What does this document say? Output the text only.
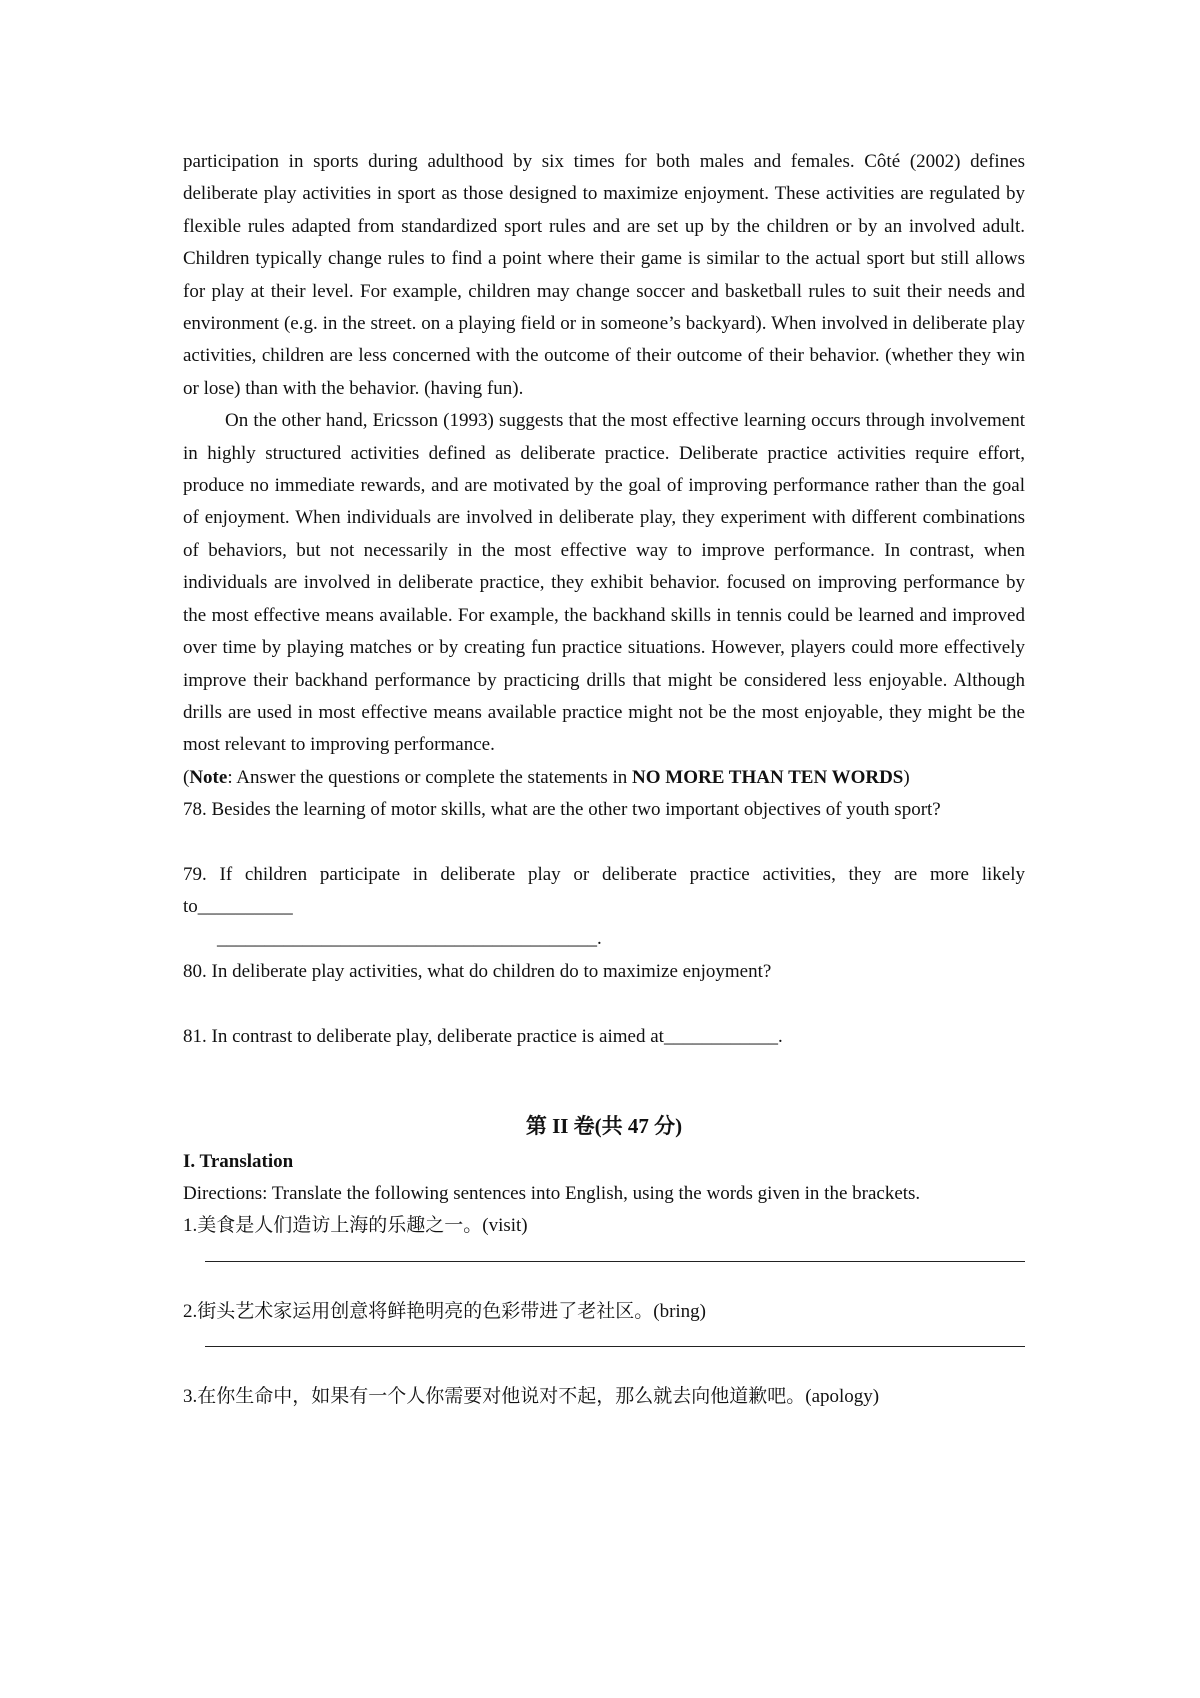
participation in sports during adulthood by six times for both males and females. Côté (2002) defines deliberate play activities in sport as those designed to maximize enjoyment. These activities are regulated by flexible rules adapted from standardized sport rules and are set up by the children or by an involved adult. Children typically change rules to find a point where their game is similar to the actual sport but still allows for play at their level. For example, children may change soccer and basketball rules to suit their needs and environment (e.g. in the street. on a playing field or in someone’s backyard). When involved in deliberate play activities, children are less concerned with the outcome of their outcome of their behavior. (whether they win or lose) than with the behavior. (having fun).

On the other hand, Ericsson (1993) suggests that the most effective learning occurs through involvement in highly structured activities defined as deliberate practice. Deliberate practice activities require effort, produce no immediate rewards, and are motivated by the goal of improving performance rather than the goal of enjoyment. When individuals are involved in deliberate play, they experiment with different combinations of behaviors, but not necessarily in the most effective way to improve performance. In contrast, when individuals are involved in deliberate practice, they exhibit behavior. focused on improving performance by the most effective means available. For example, the backhand skills in tennis could be learned and improved over time by playing matches or by creating fun practice situations. However, players could more effectively improve their backhand performance by practicing drills that might be considered less enjoyable. Although drills are used in most effective means available practice might not be the most enjoyable, they might be the most relevant to improving performance.

(Note: Answer the questions or complete the statements in NO MORE THAN TEN WORDS)

78. Besides the learning of motor skills, what are the other two important objectives of youth sport?

79. If children participate in deliberate play or deliberate practice activities, they are more likely to__________

________________________________________.

80. In deliberate play activities, what do children do to maximize enjoyment?

81. In contrast to deliberate play, deliberate practice is aimed at____________.

第 II 卷(共 47 分)

I. Translation

Directions: Translate the following sentences into English, using the words given in the brackets.

1.美食是人们造访上海的乐趣之一。(visit)

2.街头艺术家运用创意将鲜艳明亮的色彩带进了老社区。(bring)

3.在你生命中，如果有一个人你需要对他说对不起，那么就去向他道歉吧。(apology)
